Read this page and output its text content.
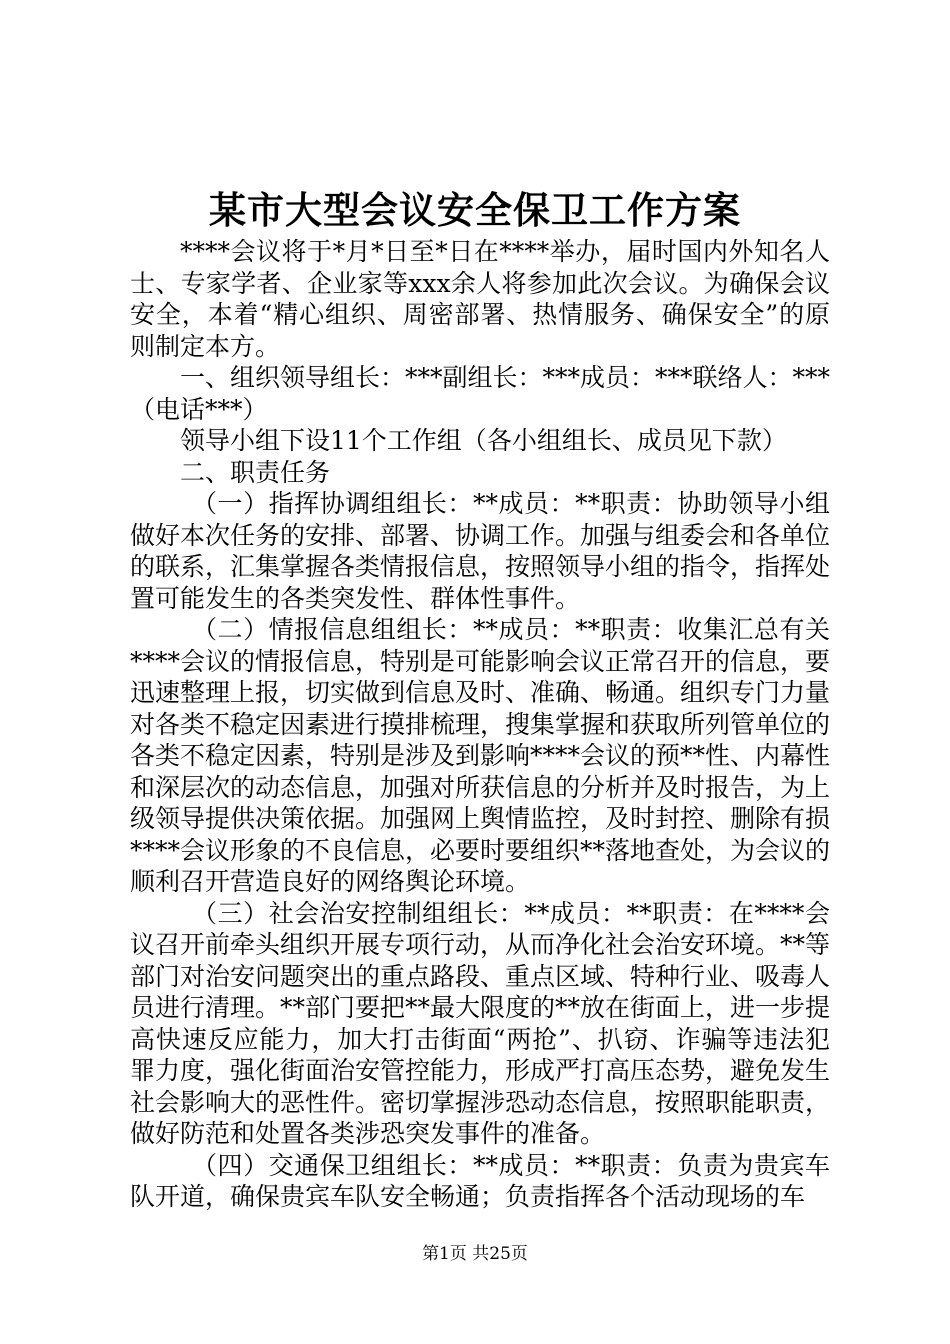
某市大型会议安全保卫工作方案

****会议将于*月*日至*日在****举办，届时国内外知名人士、专家学者、企业家等xxx余人将参加此次会议。为确保会议安全，本着“精心组织、周密部署、热情服务、确保安全”的原则制定本方。

一、组织领导组长：***副组长：***成员：***联络人：***（电话***）

领导小组下设11个工作组（各小组组长、成员见下款）

二、职责任务

（一）指挥协调组组长：**成员：**职责：协助领导小组做好本次任务的安排、部署、协调工作。加强与组委会和各单位的联系，汇集掌握各类情报信息，按照领导小组的指令，指挥处置可能发生的各类突发性、群体性事件。

（二）情报信息组组长：**成员：**职责：收集汇总有关****会议的情报信息，特别是可能影响会议正常召开的信息，要迅速整理上报，切实做到信息及时、准确、畅通。组织专门力量对各类不稳定因素进行摸排梳理，搜集掌握和获取所列管单位的各类不稳定因素，特别是涉及到影响****会议的预**性、内幕性和深层次的动态信息，加强对所获信息的分析并及时报告，为上级领导提供决策依据。加强网上舆情监控，及时封控、删除有损****会议形象的不良信息，必要时要组织**落地查处，为会议的顺利召开营造良好的网络舆论环境。

（三）社会治安控制组组长：**成员：**职责：在****会议召开前牵头组织开展专项行动，从而净化社会治安环境。**等部门对治安问题突出的重点路段、重点区域、特种行业、吸毒人员进行清理。**部门要把**最大限度的**放在街面上，进一步提高快速反应能力，加大打击街面“两抢”、扒窃、诈骗等违法犯罪力度，强化街面治安管控能力，形成严打高压态势，避免发生社会影响大的恶性件。密切掌握涉恐动态信息，按照职能职责，做好防范和处置各类涉恐突发事件的准备。

（四）交通保卫组组长：**成员：**职责：负责为贵宾车队开道，确保贵宾车队安全畅通；负责指挥各个活动现场的车

第1页 共25页
